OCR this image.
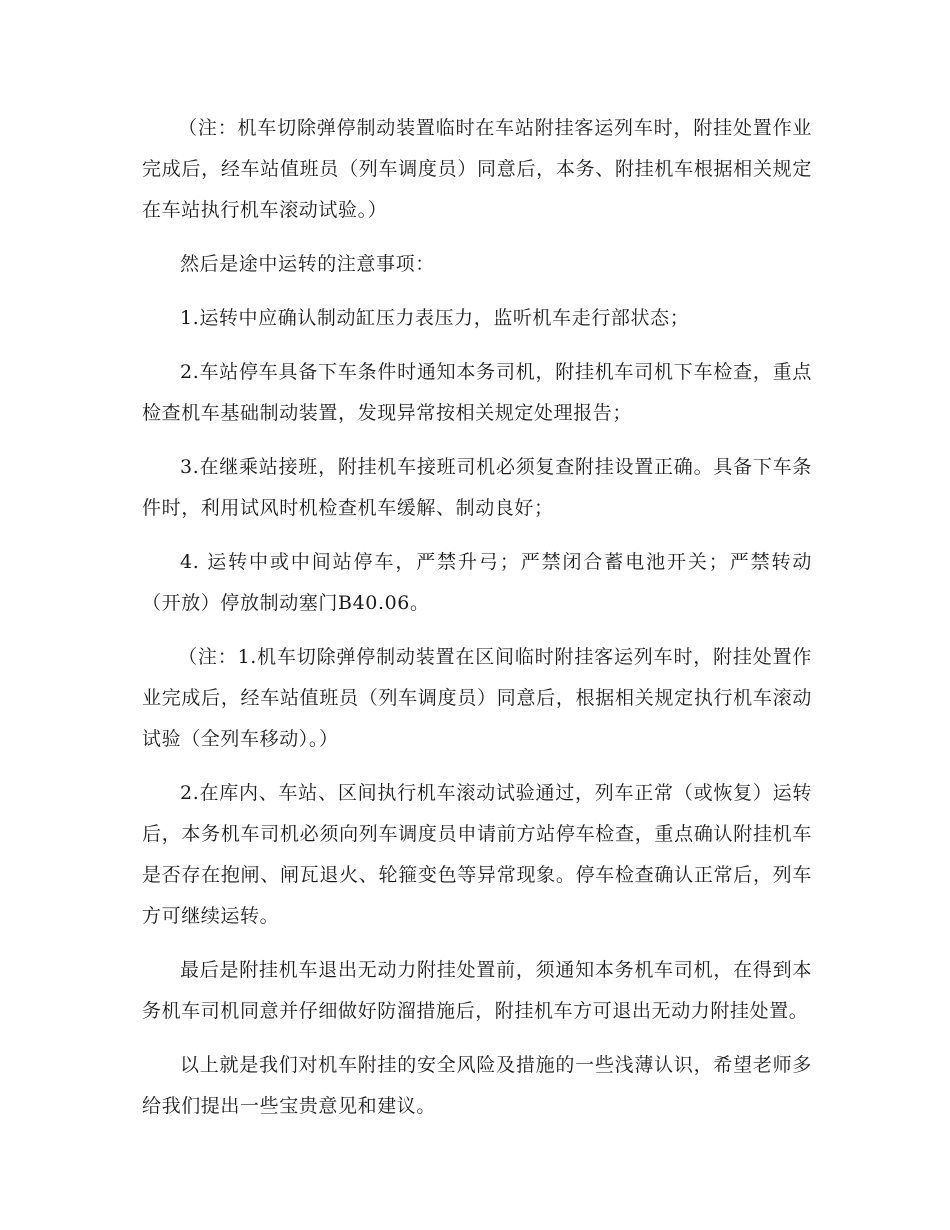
（注：机车切除弹停制动装置临时在车站附挂客运列车时，附挂处置作业完成后，经车站值班员（列车调度员）同意后，本务、附挂机车根据相关规定在车站执行机车滚动试验。）

然后是途中运转的注意事项：

1.运转中应确认制动缸压力表压力，监听机车走行部状态；

2.车站停车具备下车条件时通知本务司机，附挂机车司机下车检查，重点检查机车基础制动装置，发现异常按相关规定处理报告；

3.在继乘站接班，附挂机车接班司机必须复查附挂设置正确。具备下车条件时，利用试风时机检查机车缓解、制动良好；

4. 运转中或中间站停车，严禁升弓；严禁闭合蓄电池开关；严禁转动（开放）停放制动塞门B40.06。

（注：1.机车切除弹停制动装置在区间临时附挂客运列车时，附挂处置作业完成后，经车站值班员（列车调度员）同意后，根据相关规定执行机车滚动试验（全列车移动）。）

2.在库内、车站、区间执行机车滚动试验通过，列车正常（或恢复）运转后，本务机车司机必须向列车调度员申请前方站停车检查，重点确认附挂机车是否存在抱闸、闸瓦退火、轮箍变色等异常现象。停车检查确认正常后，列车方可继续运转。

最后是附挂机车退出无动力附挂处置前，须通知本务机车司机，在得到本务机车司机同意并仔细做好防溜措施后，附挂机车方可退出无动力附挂处置。

以上就是我们对机车附挂的安全风险及措施的一些浅薄认识，希望老师多给我们提出一些宝贵意见和建议。
